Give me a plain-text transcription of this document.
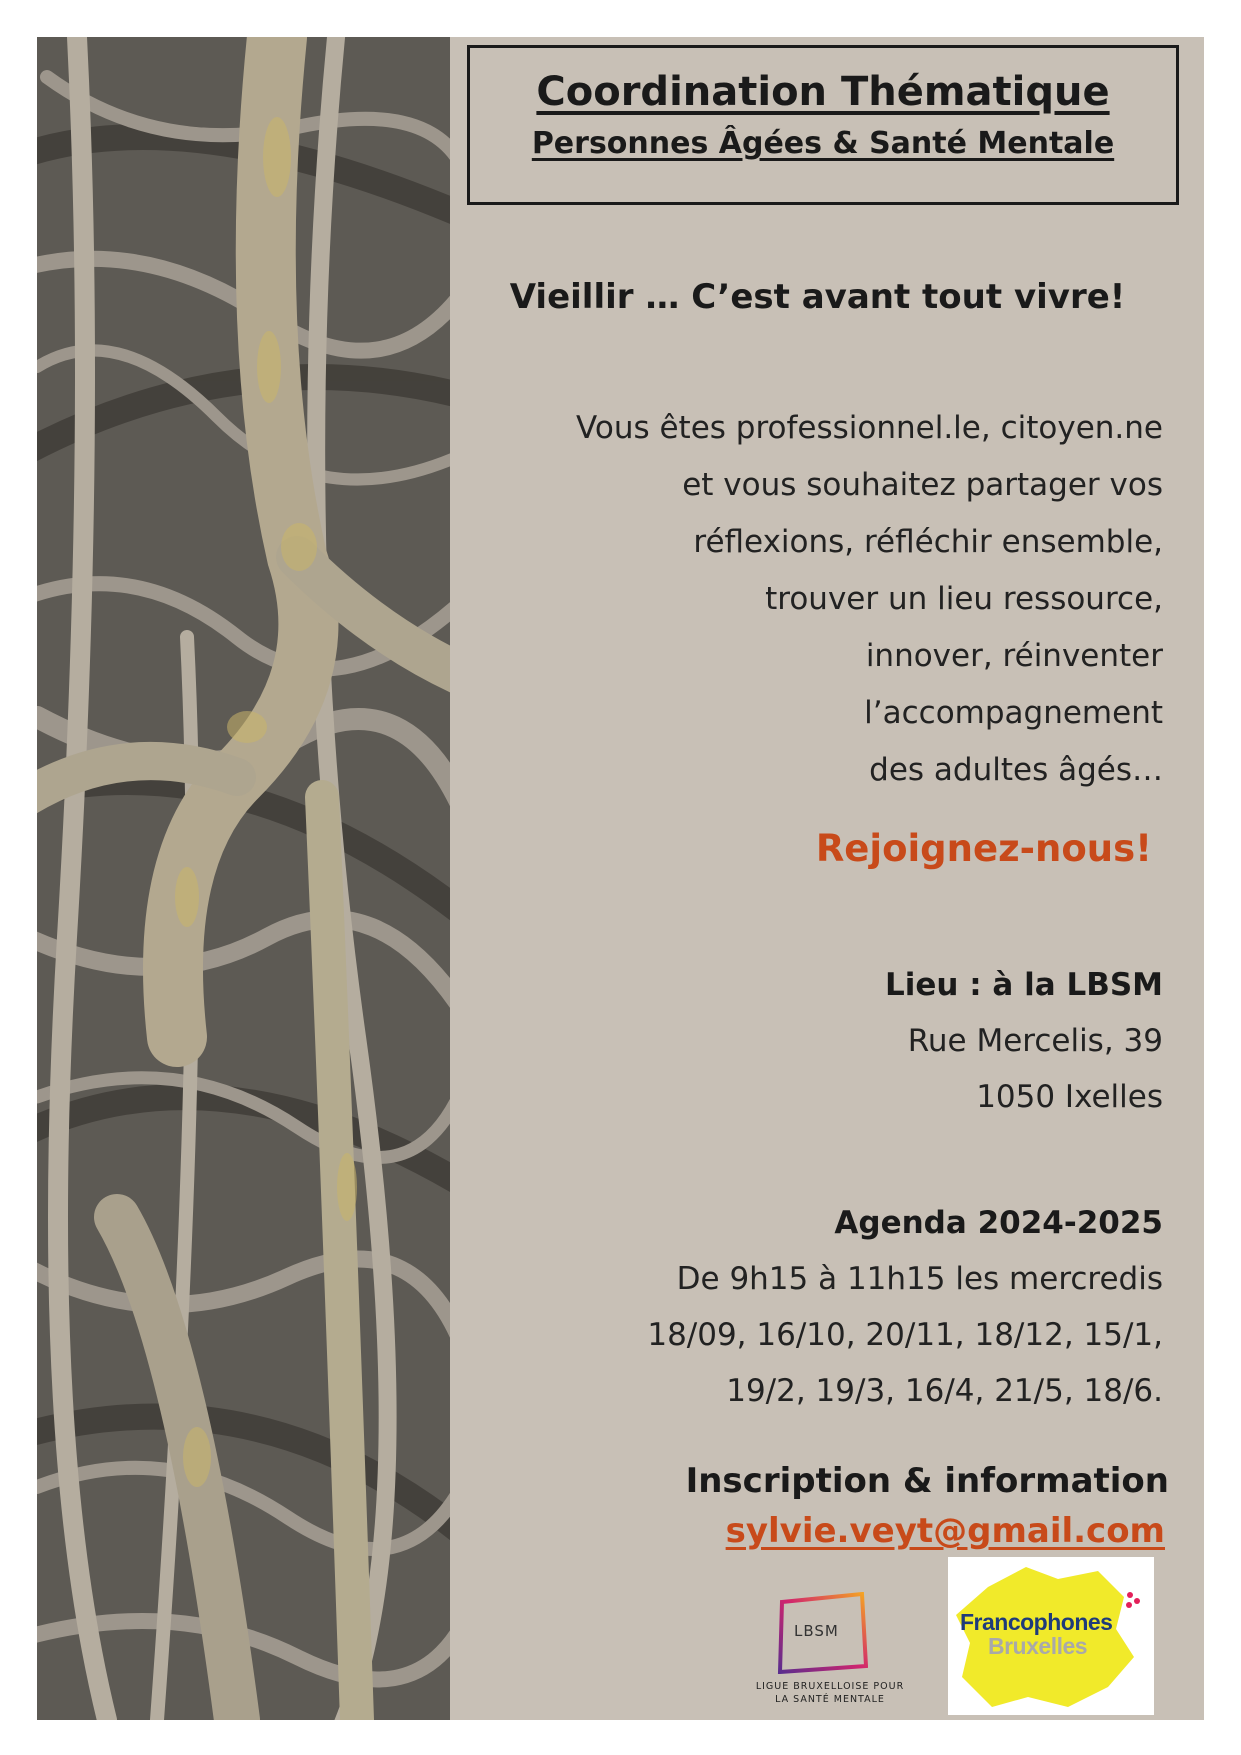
Coordination Thématique
Personnes Âgées & Santé Mentale
Vieillir … C’est avant tout vivre!
Vous êtes professionnel.le, citoyen.ne
et vous souhaitez partager vos
réflexions, réfléchir ensemble,
trouver un lieu ressource,
innover, réinventer
l’accompagnement
des adultes âgés…
Rejoignez-nous!
Lieu : à la LBSM
Rue Mercelis, 39
1050 Ixelles
Agenda 2024-2025
De 9h15 à 11h15 les mercredis
18/09, 16/10, 20/11, 18/12, 15/1,
19/2, 19/3, 16/4, 21/5, 18/6.
Inscription & information
sylvie.veyt@gmail.com
LBSM
LIGUE BRUXELLOISE POUR
LA SANTÉ MENTALE
Francophones
Bruxelles
